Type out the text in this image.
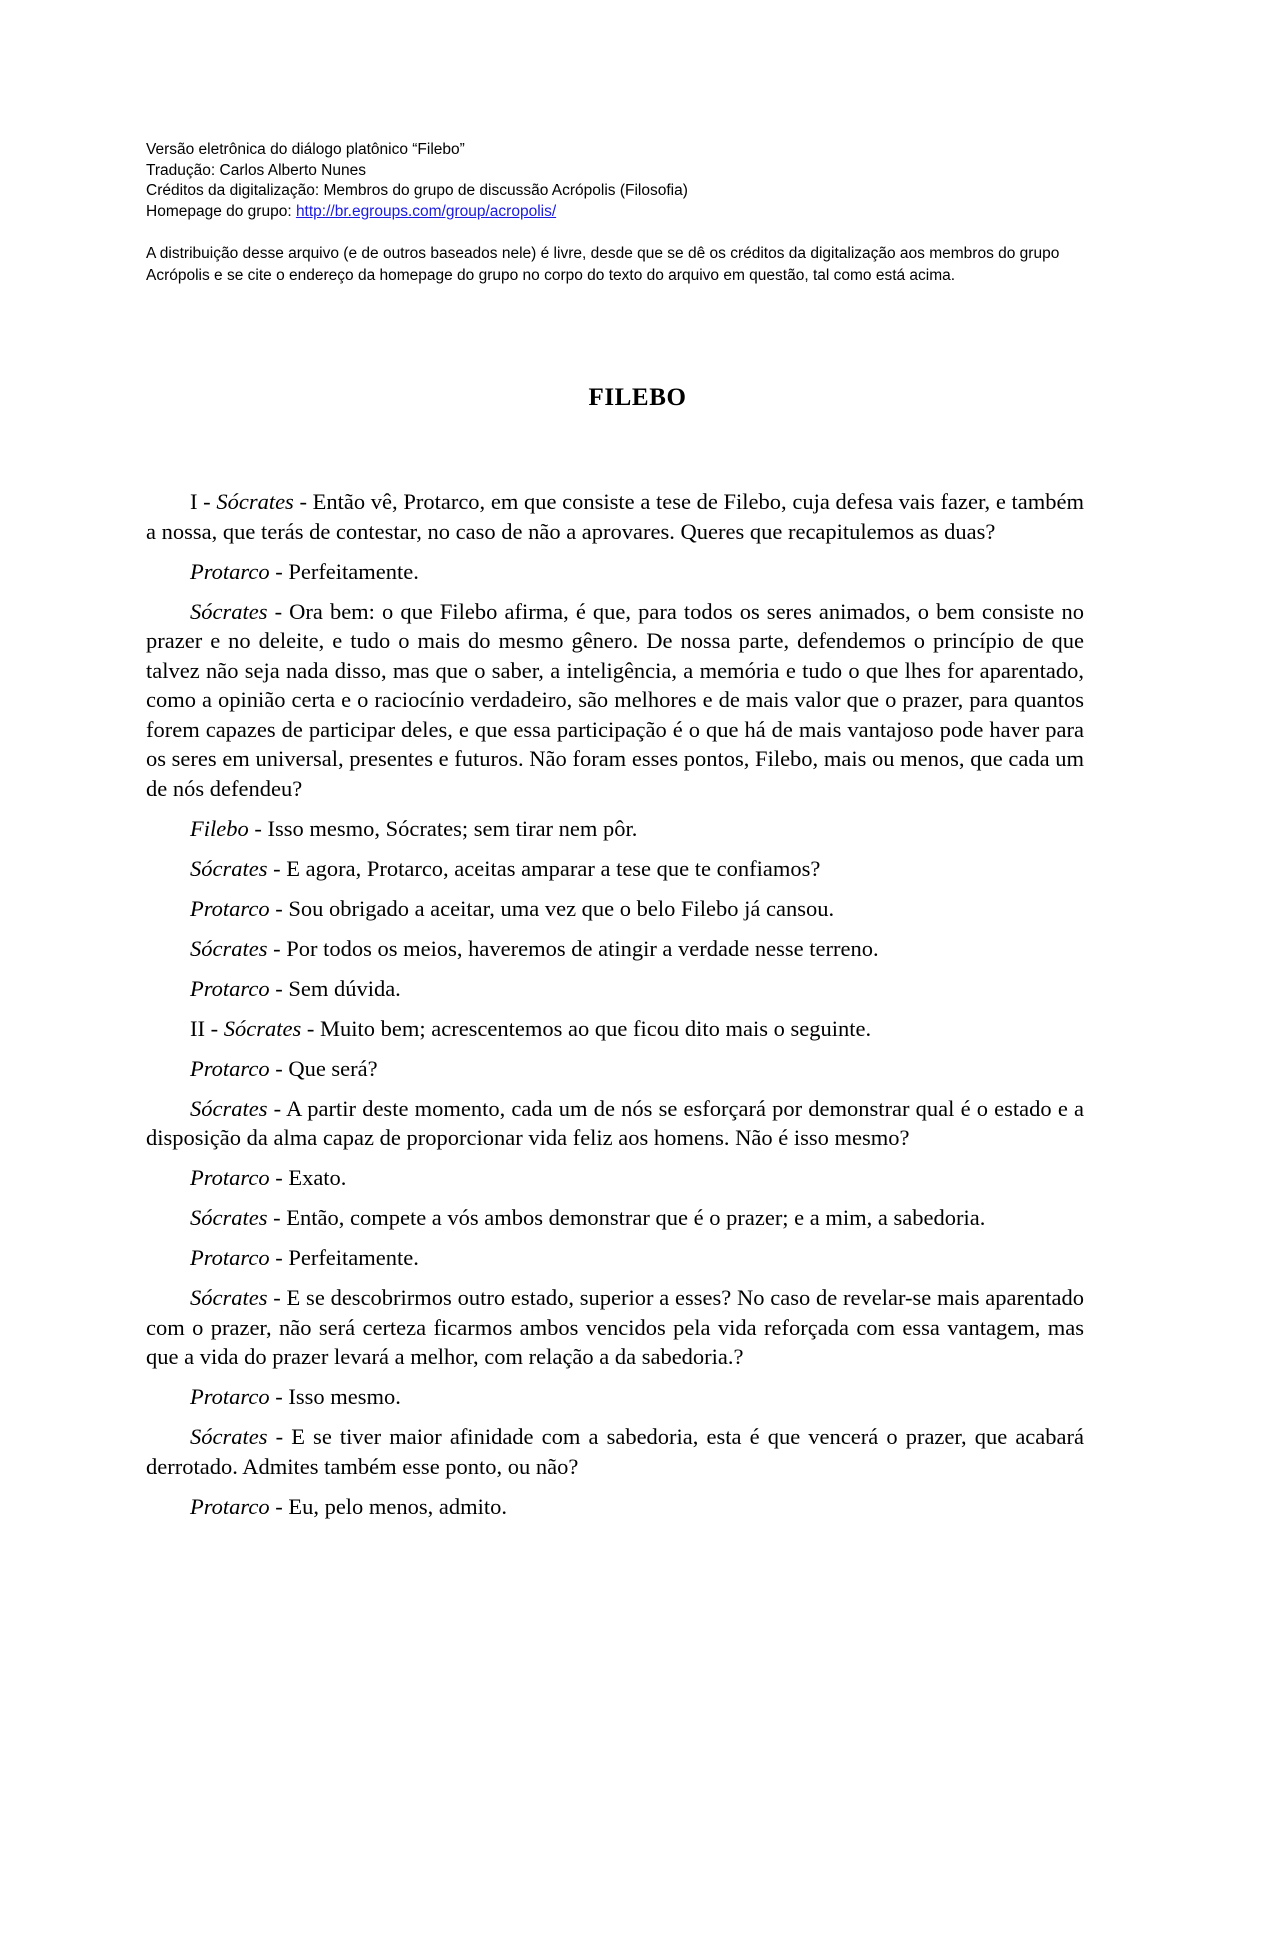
Versão eletrônica do diálogo platônico “Filebo”
Tradução: Carlos Alberto Nunes
Créditos da digitalização: Membros do grupo de discussão Acrópolis (Filosofia)
Homepage do grupo: http://br.egroups.com/group/acropolis/
A distribuição desse arquivo (e de outros baseados nele) é livre, desde que se dê os créditos da digitalização aos membros do grupo Acrópolis e se cite o endereço da homepage do grupo no corpo do texto do arquivo em questão, tal como está acima.
FILEBO

I - Sócrates - Então vê, Protarco, em que consiste a tese de Filebo, cuja defesa vais fazer, e também a nossa, que terás de contestar, no caso de não a aprovares. Queres que recapitulemos as duas?

Protarco - Perfeitamente.

Sócrates - Ora bem: o que Filebo afirma, é que, para todos os seres animados, o bem consiste no prazer e no deleite, e tudo o mais do mesmo gênero. De nossa parte, defendemos o princípio de que talvez não seja nada disso, mas que o saber, a inteligência, a memória e tudo o que lhes for aparentado, como a opinião certa e o raciocínio verdadeiro, são melhores e de mais valor que o prazer, para quantos forem capazes de participar deles, e que essa participação é o que há de mais vantajoso pode haver para os seres em universal, presentes e futuros. Não foram esses pontos, Filebo, mais ou menos, que cada um de nós defendeu?

Filebo - Isso mesmo, Sócrates; sem tirar nem pôr.

Sócrates - E agora, Protarco, aceitas amparar a tese que te confiamos?

Protarco - Sou obrigado a aceitar, uma vez que o belo Filebo já cansou.

Sócrates - Por todos os meios, haveremos de atingir a verdade nesse terreno.

Protarco - Sem dúvida.

II - Sócrates - Muito bem; acrescentemos ao que ficou dito mais o seguinte.

Protarco - Que será?

Sócrates - A partir deste momento, cada um de nós se esforçará por demonstrar qual é o estado e a disposição da alma capaz de proporcionar vida feliz aos homens. Não é isso mesmo?

Protarco - Exato.

Sócrates - Então, compete a vós ambos demonstrar que é o prazer; e a mim, a sabedoria.

Protarco - Perfeitamente.

Sócrates - E se descobrirmos outro estado, superior a esses? No caso de revelar-se mais aparentado com o prazer, não será certeza ficarmos ambos vencidos pela vida reforçada com essa vantagem, mas que a vida do prazer levará a melhor, com relação a da sabedoria.?

Protarco - Isso mesmo.

Sócrates - E se tiver maior afinidade com a sabedoria, esta é que vencerá o prazer, que acabará derrotado. Admites também esse ponto, ou não?

Protarco - Eu, pelo menos, admito.
